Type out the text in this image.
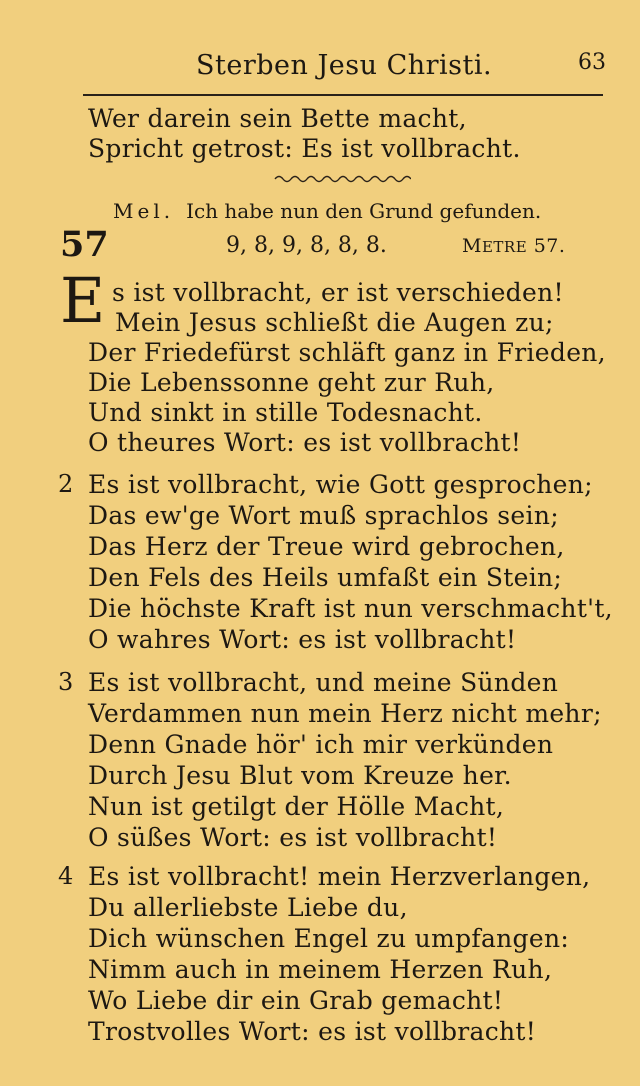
Sterben Jesu Christi.	63
Wer darein sein Bette macht,
Spricht getrost: Es ist vollbracht.
Mel. Ich habe nun den Grund gefunden.
57	9, 8, 9, 8, 8, 8.	METRE 57.
E s ist vollbracht, er ist verschieden!
Mein Jesus schließt die Augen zu;
Der Friedefürst schläft ganz in Frieden,
Die Lebenssonne geht zur Ruh,
Und sinkt in stille Todesnacht.
O theures Wort: es ist vollbracht!
2 Es ist vollbracht, wie Gott gesprochen;
Das ew'ge Wort muß sprachlos sein;
Das Herz der Treue wird gebrochen,
Den Fels des Heils umfaßt ein Stein;
Die höchste Kraft ist nun verschmacht't,
O wahres Wort: es ist vollbracht!
3 Es ist vollbracht, und meine Sünden
Verdammen nun mein Herz nicht mehr;
Denn Gnade hör' ich mir verkünden
Durch Jesu Blut vom Kreuze her.
Nun ist getilgt der Hölle Macht,
O süßes Wort: es ist vollbracht!
4 Es ist vollbracht! mein Herzverlangen,
Du allerliebste Liebe du,
Dich wünschen Engel zu umpfangen:
Nimm auch in meinem Herzen Ruh,
Wo Liebe dir ein Grab gemacht!
Trostvolles Wort: es ist vollbracht!
